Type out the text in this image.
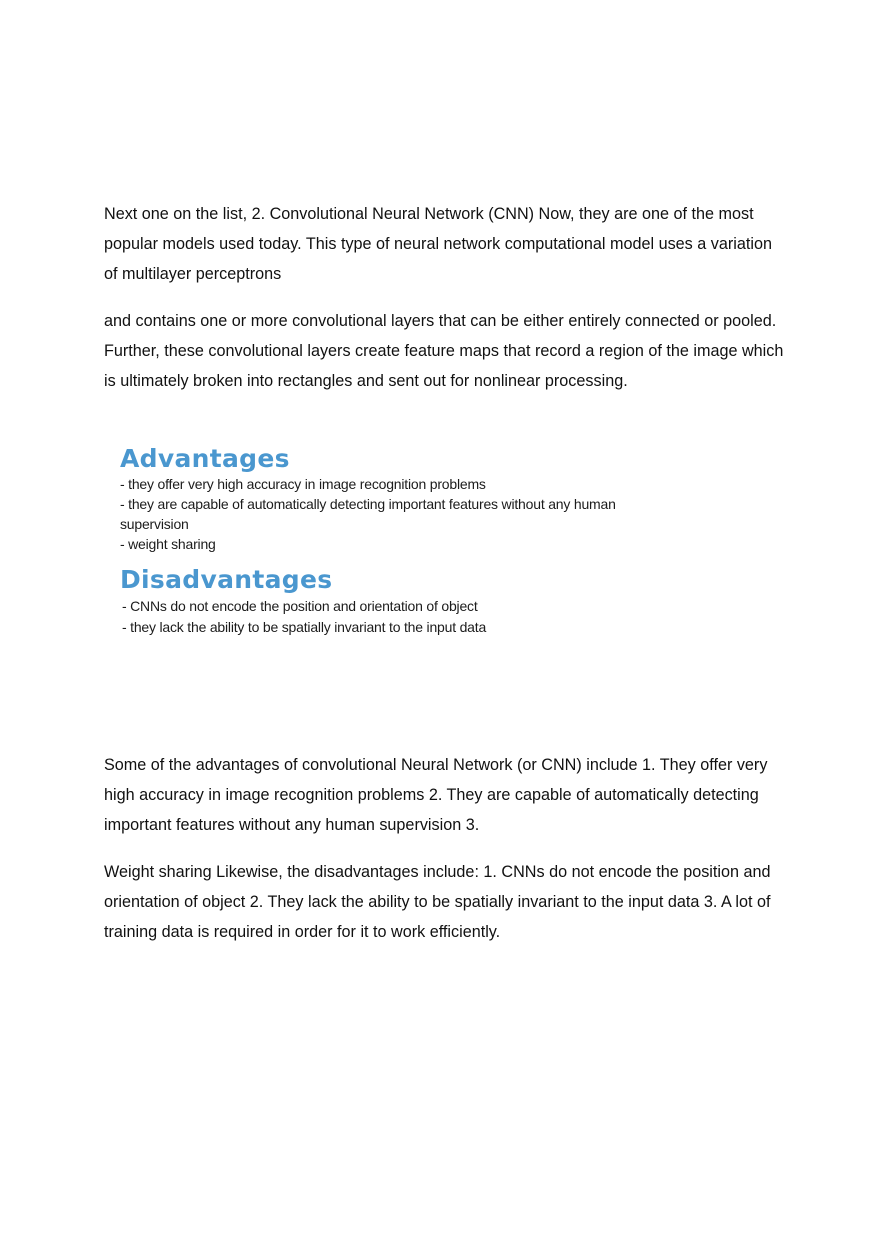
Next one on the list, 2. Convolutional Neural Network (CNN) Now, they are one of the most popular models used today. This type of neural network computational model uses a variation of multilayer perceptrons

and contains one or more convolutional layers that can be either entirely connected or pooled. Further, these convolutional layers create feature maps that record a region of the image which is ultimately broken into rectangles and sent out for nonlinear processing.

Advantages
- they offer very high accuracy in image recognition problems
- they are capable of automatically detecting important features without any human supervision
- weight sharing
Disadvantages
- CNNs do not encode the position and orientation of object
- they lack the ability to be spatially invariant to the input data

Some of the advantages of convolutional Neural Network (or CNN) include 1. They offer very high accuracy in image recognition problems 2. They are capable of automatically detecting important features without any human supervision 3.

Weight sharing Likewise, the disadvantages include: 1. CNNs do not encode the position and orientation of object 2. They lack the ability to be spatially invariant to the input data 3. A lot of training data is required in order for it to work efficiently.
